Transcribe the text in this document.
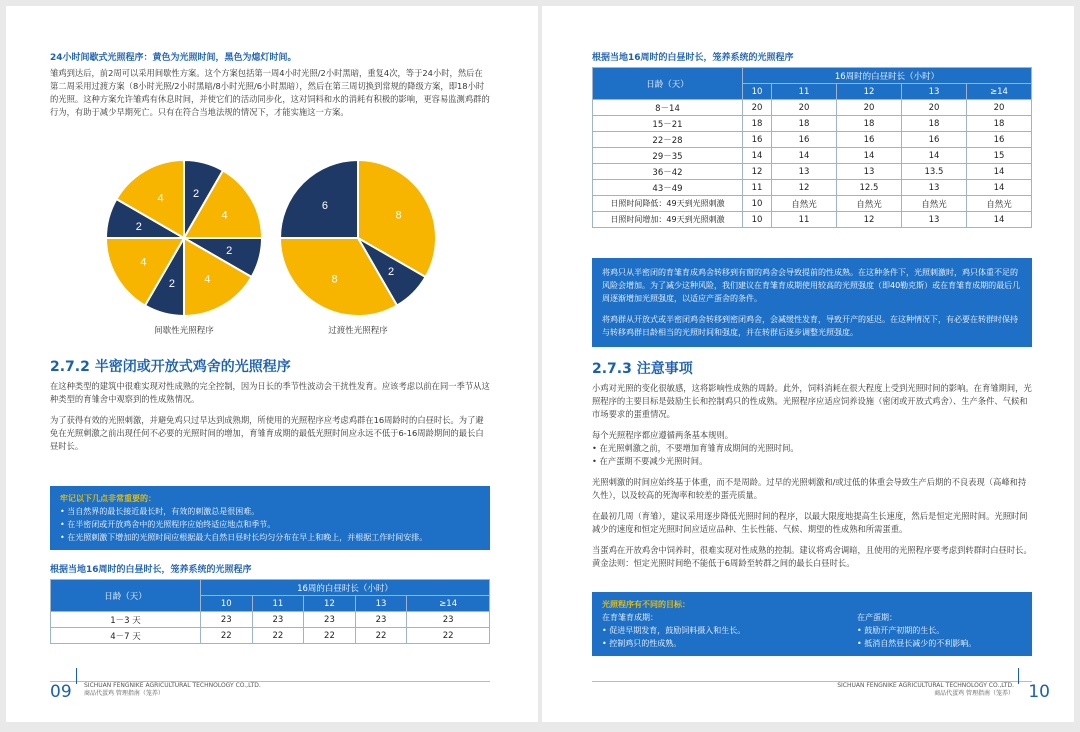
24小时间歇式光照程序：黄色为光照时间，黑色为熄灯时间。
雏鸡到达后，前2周可以采用间歇性方案。这个方案包括第一周4小时光照/2小时黑暗，重复4次，等于24小时，然后在第二周采用过渡方案（8小时光照/2小时黑暗/8小时光照/6小时黑暗），然后在第三周切换到常规的降级方案，即18小时的光照。这种方案允许雏鸡有休息时间，并使它们的活动同步化，这对饲料和水的消耗有积极的影响，更容易监测鸡群的行为，有助于减少早期死亡。只有在符合当地法规的情况下，才能实施这一方案。
2
4
2
4
2
4
2
4
间歇性光照程序
8
2
8
6
过渡性光照程序
2.7.2 半密闭或开放式鸡舍的光照程序
在这种类型的建筑中很难实现对性成熟的完全控制，因为日长的季节性波动会干扰性发育。应该考虑以前在同一季节从这种类型的育雏舍中观察到的性成熟情况。
为了获得有效的光照刺激，并避免鸡只过早达到成熟期，所使用的光照程序应考虑鸡群在16周龄时的白昼时长。为了避免在光照刺激之前出现任何不必要的光照时间的增加，育雏育成期的最低光照时间应永远不低于6-16周龄期间的最长白昼时长。
牢记以下几点非常重要的：
• 当自然界的最长接近最长时，有效的刺激总是很困难。
• 在半密闭或开放鸡舍中的光照程序应始终适应地点和季节。
• 在光照刺激下增加的光照时间应根据最大自然日昼时长均匀分布在早上和晚上，并根据工作时间安排。
根据当地16周时的白昼时长，笼养系统的光照程序
日龄（天）	16周的白昼时长（小时）				
	10	11	12	13	≥14
1－3 天	23	23	23	23	23
4－7 天	22	22	22	22	22
09 SICHUAN FENGNIKE AGRICULTURAL TECHNOLOGY CO.,LTD.
商品代蛋鸡 管理指南（笼养）
根据当地16周时的白昼时长，笼养系统的光照程序
日龄（天）	16周时的白昼时长（小时）				
	10	11	12	13	≥14
8－14	20	20	20	20	20
15－21	18	18	18	18	18
22－28	16	16	16	16	16
29－35	14	14	14	14	15
36－42	12	13	13	13.5	14
43－49	11	12	12.5	13	14
日照时间降低：49天到光照刺激	10	自然光	自然光	自然光	自然光
日照时间增加：49天到光照刺激	10	11	12	13	14
将鸡只从半密闭的育雏育成鸡舍转移到有窗的鸡舍会导致提前的性成熟。在这种条件下，光照刺激时，鸡只体重不足的风险会增加。为了减少这种风险，我们建议在育雏育成期使用较高的光照强度（即40勒克斯）或在育雏育成期的最后几周逐渐增加光照强度，以适应产蛋舍的条件。
将鸡群从开放式或半密闭鸡舍转移到密闭鸡舍，会减缓性发育，导致开产的延迟。在这种情况下，有必要在转群时保持与转移鸡群日龄相当的光照时间和强度，并在转群后逐步调整光照强度。
2.7.3 注意事项
小鸡对光照的变化很敏感，这将影响性成熟的周龄。此外，饲料消耗在很大程度上受到光照时间的影响。在育雏期间，光照程序的主要目标是鼓励生长和控制鸡只的性成熟。光照程序应适应饲养设施（密闭或开放式鸡舍）、生产条件、气候和市场要求的蛋重情况。
每个光照程序都应遵循两条基本规则。
• 在光照刺激之前，不要增加育雏育成期间的光照时间。
• 在产蛋期不要减少光照时间。
光照刺激的时间应始终基于体重，而不是周龄。过早的光照刺激和/或过低的体重会导致生产后期的不良表现（高峰和持久性），以及较高的死淘率和较差的蛋壳质量。
在最初几周（育雏），建议采用逐步降低光照时间的程序，以最大限度地提高生长速度，然后是恒定光照时间。光照时间减少的速度和恒定光照时间应适应品种、生长性能、气候、期望的性成熟和所需蛋重。
当蛋鸡在开放鸡舍中饲养时，很难实现对性成熟的控制。建议将鸡舍调暗，且使用的光照程序要考虑到转群时白昼时长。黄金法则：恒定光照时间绝不能低于6周龄至转群之间的最长白昼时长。
光照程序有不同的目标：
在育雏育成期：
• 促进早期发育，鼓励饲料摄入和生长。
• 控制鸡只的性成熟。
在产蛋期：
• 鼓励开产初期的生长。
• 抵消自然昼长减少的不利影响。
SICHUAN FENGNIKE AGRICULTURAL TECHNOLOGY CO.,LTD.
商品代蛋鸡 管理指南（笼养） 10
